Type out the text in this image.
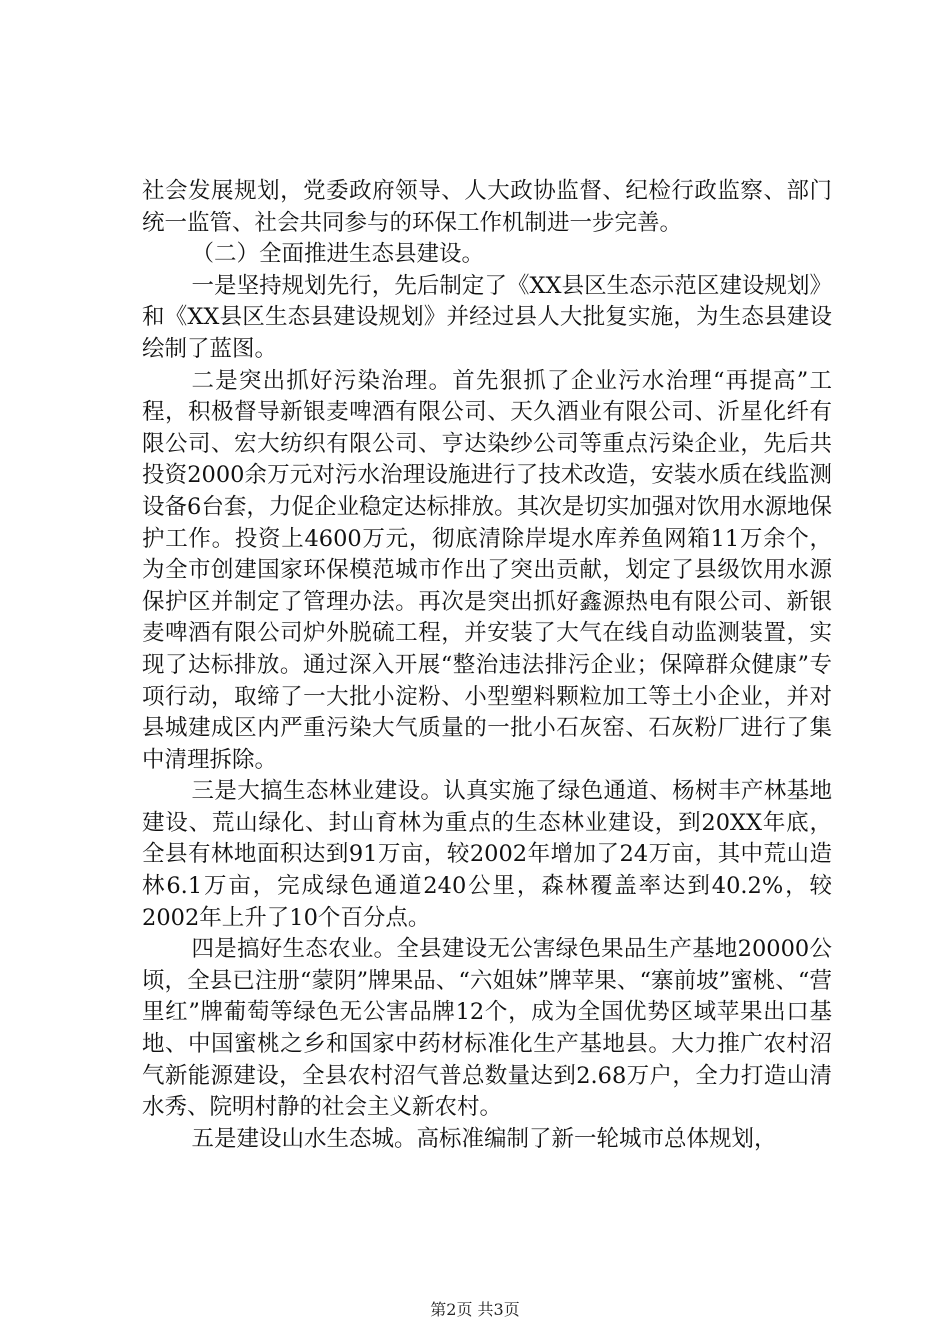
社会发展规划，党委政府领导、人大政协监督、纪检行政监察、部门统一监管、社会共同参与的环保工作机制进一步完善。

（二）全面推进生态县建设。

一是坚持规划先行，先后制定了《XX县区生态示范区建设规划》和《XX县区生态县建设规划》并经过县人大批复实施，为生态县建设绘制了蓝图。

二是突出抓好污染治理。首先狠抓了企业污水治理“再提高”工程，积极督导新银麦啤酒有限公司、天久酒业有限公司、沂星化纤有限公司、宏大纺织有限公司、亨达染纱公司等重点污染企业，先后共投资2000余万元对污水治理设施进行了技术改造，安装水质在线监测设备6台套，力促企业稳定达标排放。其次是切实加强对饮用水源地保护工作。投资上4600万元，彻底清除岸堤水库养鱼网箱11万余个，为全市创建国家环保模范城市作出了突出贡献，划定了县级饮用水源保护区并制定了管理办法。再次是突出抓好鑫源热电有限公司、新银麦啤酒有限公司炉外脱硫工程，并安装了大气在线自动监测装置，实现了达标排放。通过深入开展“整治违法排污企业；保障群众健康”专项行动，取缔了一大批小淀粉、小型塑料颗粒加工等土小企业，并对县城建成区内严重污染大气质量的一批小石灰窑、石灰粉厂进行了集中清理拆除。

三是大搞生态林业建设。认真实施了绿色通道、杨树丰产林基地建设、荒山绿化、封山育林为重点的生态林业建设，到20XX年底，全县有林地面积达到91万亩，较2002年增加了24万亩，其中荒山造林6.1万亩，完成绿色通道240公里，森林覆盖率达到40.2%，较2002年上升了10个百分点。

四是搞好生态农业。全县建设无公害绿色果品生产基地20000公顷，全县已注册“蒙阴”牌果品、“六姐妹”牌苹果、“寨前坡”蜜桃、“营里红”牌葡萄等绿色无公害品牌12个，成为全国优势区域苹果出口基地、中国蜜桃之乡和国家中药材标准化生产基地县。大力推广农村沼气新能源建设，全县农村沼气普总数量达到2.68万户，全力打造山清水秀、院明村静的社会主义新农村。

五是建设山水生态城。高标准编制了新一轮城市总体规划，

第2页 共3页
